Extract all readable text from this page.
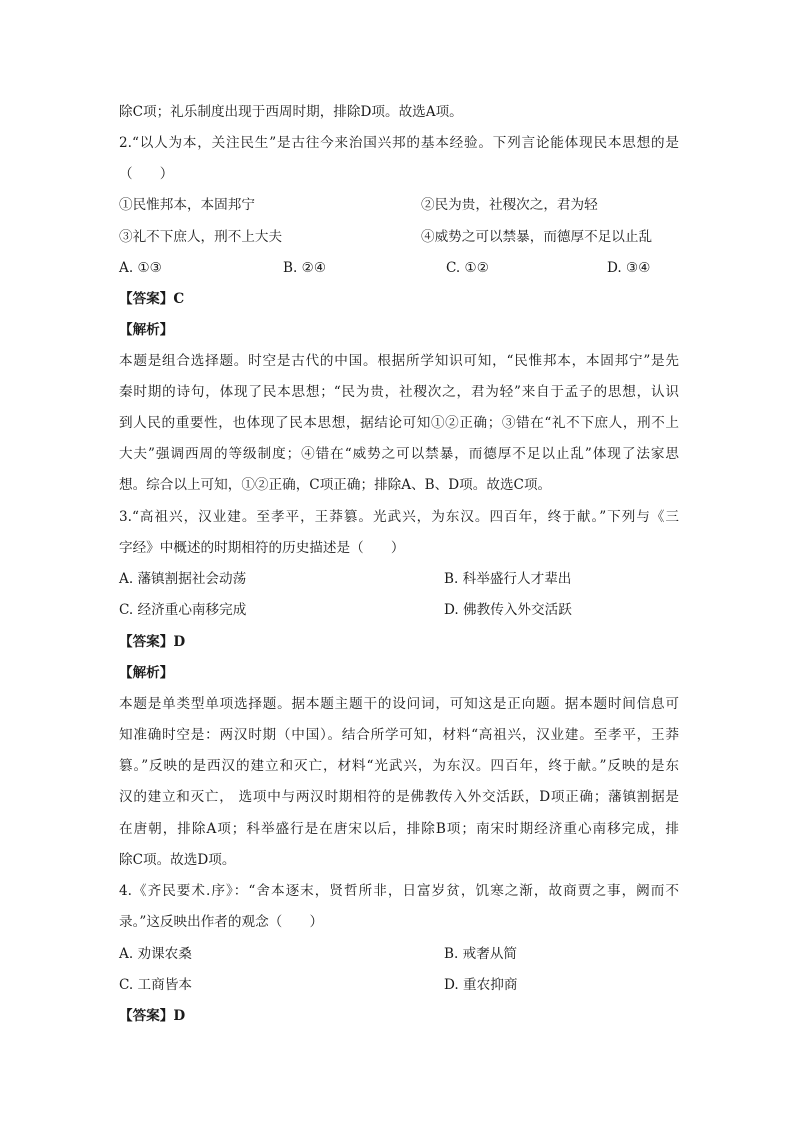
除C项；礼乐制度出现于西周时期，排除D项。故选A项。
2.“以人为本，关注民生”是古往今来治国兴邦的基本经验。下列言论能体现民本思想的是
（　　）
①民惟邦本，本固邦宁	②民为贵，社稷次之，君为轻
③礼不下庶人，刑不上大夫	④威势之可以禁暴，而德厚不足以止乱
A. ①③	B. ②④	C. ①②	D. ③④
【答案】C
【解析】
本题是组合选择题。时空是古代的中国。根据所学知识可知，“民惟邦本，本固邦宁”是先
秦时期的诗句，体现了民本思想；“民为贵，社稷次之，君为轻”来自于孟子的思想，认识
到人民的重要性，也体现了民本思想，据结论可知①②正确；③错在“礼不下庶人，刑不上
大夫”强调西周的等级制度；④错在“威势之可以禁暴，而德厚不足以止乱”体现了法家思
想。综合以上可知，①②正确，C项正确；排除A、B、D项。故选C项。
3.“高祖兴，汉业建。至孝平，王莽篡。光武兴，为东汉。四百年，终于献。”下列与《三
字经》中概述的时期相符的历史描述是（　　）
A. 藩镇割据社会动荡	B. 科举盛行人才辈出
C. 经济重心南移完成	D. 佛教传入外交活跃
【答案】D
【解析】
本题是单类型单项选择题。据本题主题干的设问词，可知这是正向题。据本题时间信息可
知准确时空是：两汉时期（中国）。结合所学可知，材料“高祖兴，汉业建。至孝平，王莽
篡。”反映的是西汉的建立和灭亡，材料“光武兴，为东汉。四百年，终于献。”反映的是东
汉的建立和灭亡， 选项中与两汉时期相符的是佛教传入外交活跃，D项正确；藩镇割据是
在唐朝，排除A项；科举盛行是在唐宋以后，排除B项；南宋时期经济重心南移完成，排
除C项。故选D项。
4.《齐民要术.序》：“舍本逐末，贤哲所非，日富岁贫，饥寒之渐，故商贾之事，阙而不
录。”这反映出作者的观念（　　）
A. 劝课农桑	B. 戒奢从简
C. 工商皆本	D. 重农抑商
【答案】D
